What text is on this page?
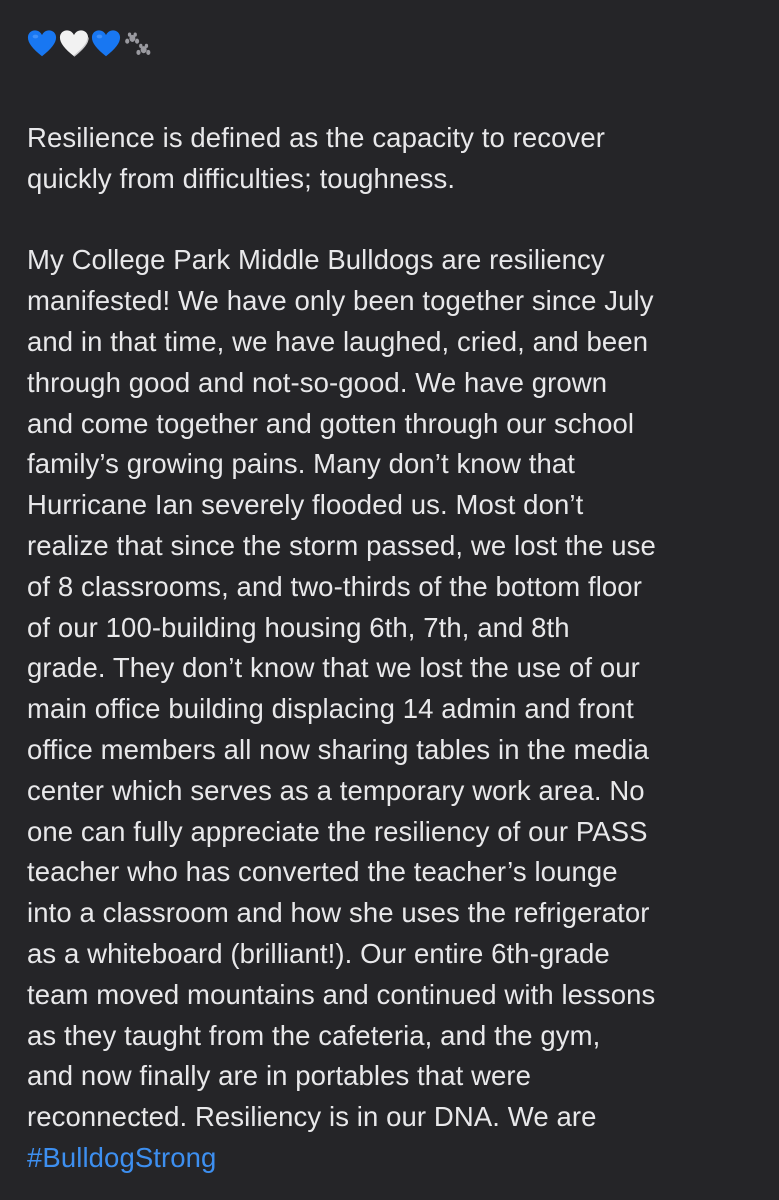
Resilience is defined as the capacity to recover
quickly from difficulties; toughness.

My College Park Middle Bulldogs are resiliency
manifested! We have only been together since July
and in that time, we have laughed, cried, and been
through good and not-so-good. We have grown
and come together and gotten through our school
family’s growing pains. Many don’t know that
Hurricane Ian severely flooded us. Most don’t
realize that since the storm passed, we lost the use
of 8 classrooms, and two-thirds of the bottom floor
of our 100-building housing 6th, 7th, and 8th
grade. They don’t know that we lost the use of our
main office building displacing 14 admin and front
office members all now sharing tables in the media
center which serves as a temporary work area. No
one can fully appreciate the resiliency of our PASS
teacher who has converted the teacher’s lounge
into a classroom and how she uses the refrigerator
as a whiteboard (brilliant!). Our entire 6th-grade
team moved mountains and continued with lessons
as they taught from the cafeteria, and the gym,
and now finally are in portables that were
reconnected. Resiliency is in our DNA. We are
#BulldogStrong
